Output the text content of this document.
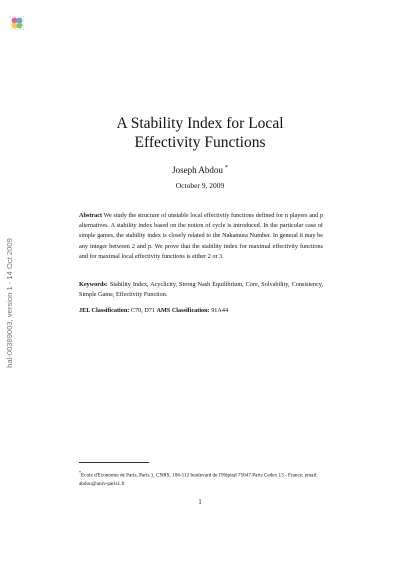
hal-00389003, version 1 - 14 Oct 2009
A Stability Index for Local
Effectivity Functions
Joseph Abdou *
October 9, 2009
Abstract We study the structure of unstable local effectivity functions defined for n players and p alternatives. A stability index based on the notion of cycle is introduced. In the particular case of simple games, the stability index is closely related to the Nakamura Number. In general it may be any integer between 2 and p. We prove that the stability index for maximal effectivity functions and for maximal local effectivity functions is either 2 or 3.
Keywords: Stability Index, Acyclicity, Strong Nash Equilibrium, Core, Solvability, Consistency, Simple Game, Effectivity Function.
JEL Classification: C70, D71 AMS Classification: 91A44
*Ecole d'Economie de Paris, Paris 1, CNRS, 106-112 boulevard de l'Hôpital 75647 Paris Cedex 13 - France; email: abdou@univ-paris1.fr
1
